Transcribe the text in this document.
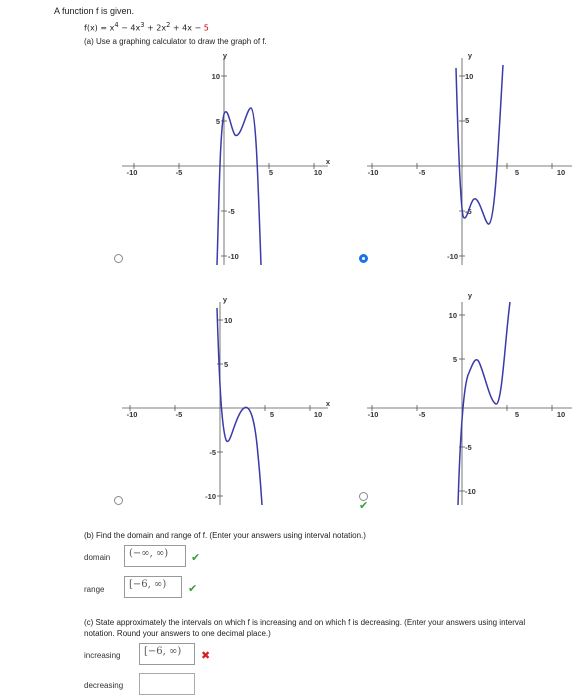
A function f is given.
$f(x) = x^4 - 4x^3 + 2x^2 + 4x - 5$
(a) Use a graphing calculator to draw the graph of f.
y
x
-10	-5	5	10
10
5
-5
-10
y
-10	-5	5	10
10
5
-5
-10
y
x
-10	-5	5	10
10
5
-5
-10
y
-10	-5	5	10
10
5
-5
-10
✔
(b) Find the domain and range of f. (Enter your answers using interval notation.)
domain	(−∞, ∞)	✔
range	[−6, ∞)	✔
(c) State approximately the intervals on which f is increasing and on which f is decreasing. (Enter your answers using interval notation. Round your answers to one decimal place.)
increasing	[−6, ∞)	✖
decreasing
